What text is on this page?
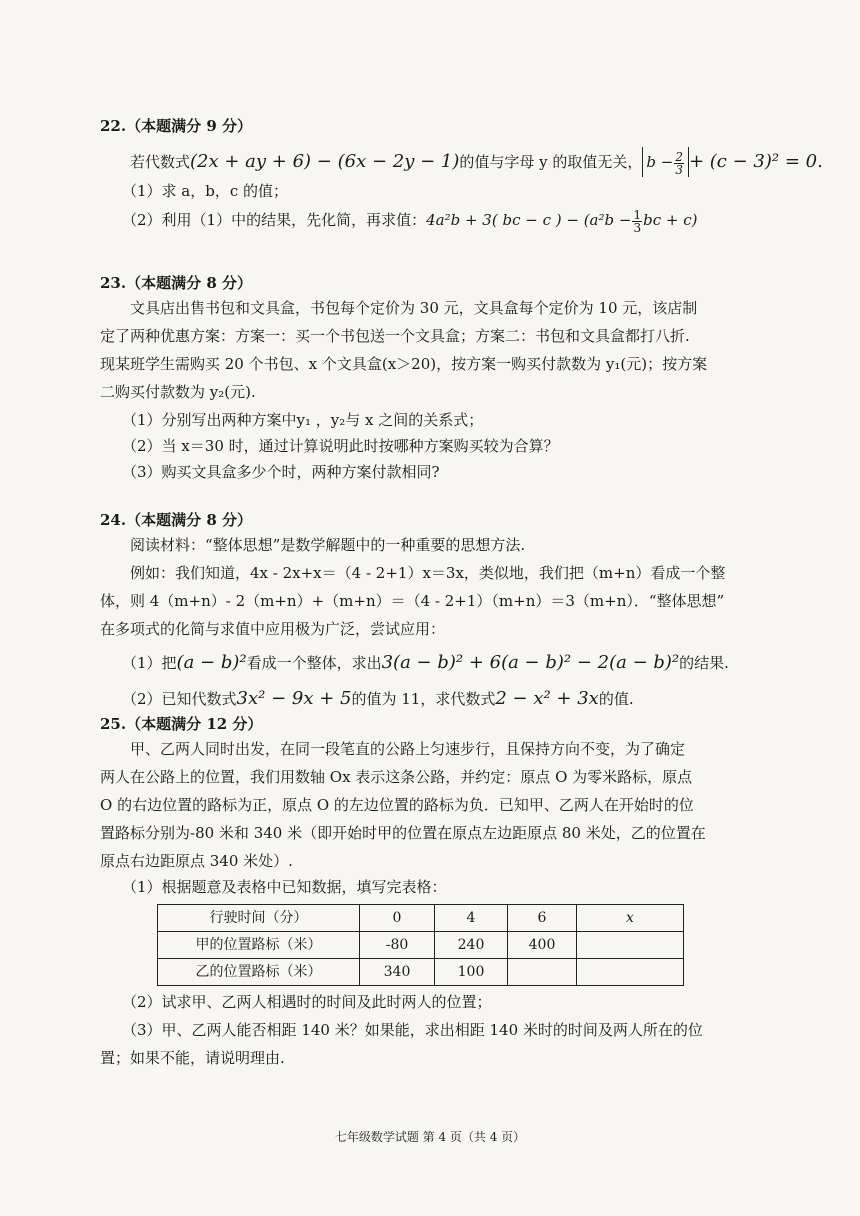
22.（本题满分 9 分）
若代数式(2x + ay + 6) − (6x − 2y − 1)的值与字母 y 的取值无关， $b - \frac{2}{3} + (c - 3)^2 = 0$.
（1）求 a，b，c 的值；
（2）利用（1）中的结果，先化简，再求值：4a²b + 3( bc − c ) − ($a^2b - \frac{1}{3}$ bc + c)
23.（本题满分 8 分）
文具店出售书包和文具盒，书包每个定价为 30 元，文具盒每个定价为 10 元，该店制
定了两种优惠方案：方案一：买一个书包送一个文具盒；方案二：书包和文具盒都打八折.
现某班学生需购买 20 个书包、x 个文具盒(x＞20)，按方案一购买付款数为 y₁(元)；按方案
二购买付款数为 y₂(元).
（1）分别写出两种方案中y₁ ，y₂与 x 之间的关系式；
（2）当 x＝30 时，通过计算说明此时按哪种方案购买较为合算？
（3）购买文具盒多少个时，两种方案付款相同?
24.（本题满分 8 分）
阅读材料：“整体思想”是数学解题中的一种重要的思想方法.
例如：我们知道，4x - 2x+x＝（4 - 2+1）x＝3x，类似地，我们把（m+n）看成一个整
体，则 4（m+n）- 2（m+n）+（m+n）＝（4 - 2+1）（m+n）＝3（m+n）．“整体思想”
在多项式的化简与求值中应用极为广泛，尝试应用：
（1）把(a − b)²看成一个整体，求出3(a − b)² + 6(a − b)² − 2(a − b)²的结果.
（2）已知代数式3x² − 9x + 5的值为 11，求代数式2 − x² + 3x的值.
25.（本题满分 12 分）
甲、乙两人同时出发，在同一段笔直的公路上匀速步行，且保持方向不变，为了确定
两人在公路上的位置，我们用数轴 Ox 表示这条公路，并约定：原点 O 为零米路标，原点
O 的右边位置的路标为正，原点 O 的左边位置的路标为负．已知甲、乙两人在开始时的位
置路标分别为-80 米和 340 米（即开始时甲的位置在原点左边距原点 80 米处，乙的位置在
原点右边距原点 340 米处）.
（1）根据题意及表格中已知数据，填写完表格：
行驶时间（分）	0	4	6	x
甲的位置路标（米）	-80	240	400	
乙的位置路标（米）	340	100		
（2）试求甲、乙两人相遇时的时间及此时两人的位置；
（3）甲、乙两人能否相距 140 米？如果能，求出相距 140 米时的时间及两人所在的位
置；如果不能，请说明理由.
七年级数学试题 第 4 页（共 4 页）
